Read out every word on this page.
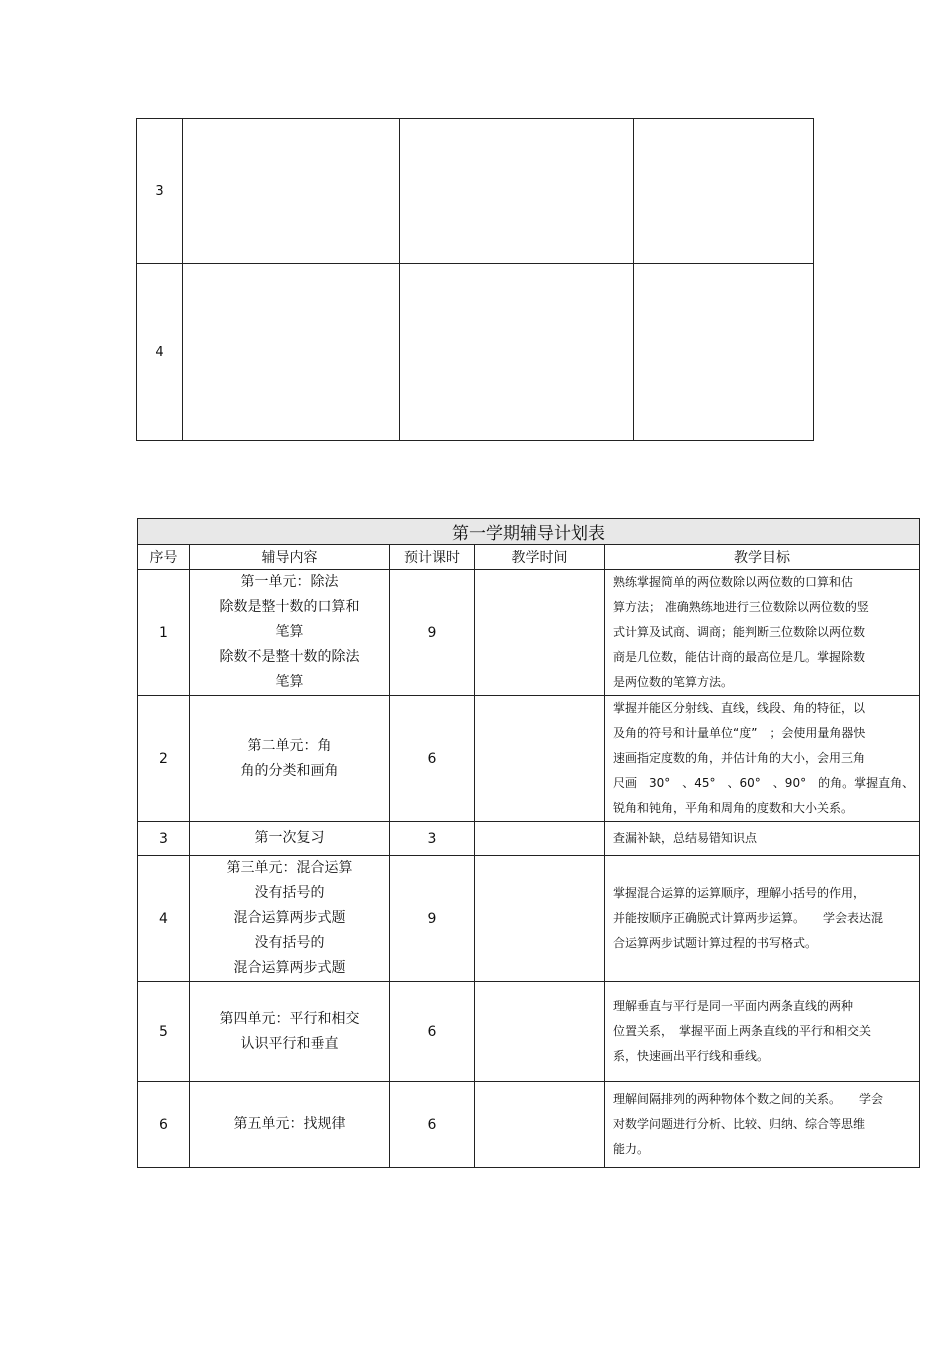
3			
4			
第一学期辅导计划表				
序号	辅导内容	预计课时	教学时间	教学目标
1	第一单元：除法
除数是整十数的口算和
笔算
除数不是整十数的除法
笔算	9		熟练掌握简单的两位数除以两位数的口算和估
算方法； 准确熟练地进行三位数除以两位数的竖
式计算及试商、调商；能判断三位数除以两位数
商是几位数，能估计商的最高位是几。掌握除数
是两位数的笔算方法。

2	第二单元：角
角的分类和画角	6		掌握并能区分射线、直线，线段、角的特征，以
及角的符号和计量单位“度”　；会使用量角器快
速画指定度数的角，并估计角的大小，会用三角
尺画　30°　、45°　、60°　、90°　的角。掌握直角、
锐角和钝角，平角和周角的度数和大小关系。

3	第一次复习	3		查漏补缺，总结易错知识点

4	第三单元：混合运算
没有括号的
混合运算两步式题
没有括号的
混合运算两步式题	9		掌握混合运算的运算顺序，理解小括号的作用，
并能按顺序正确脱式计算两步运算。　　学会表达混
合运算两步试题计算过程的书写格式。

5	第四单元：平行和相交
认识平行和垂直	6		理解垂直与平行是同一平面内两条直线的两种
位置关系，　掌握平面上两条直线的平行和相交关
系，快速画出平行线和垂线。

6	第五单元：找规律	6		理解间隔排列的两种物体个数之间的关系。　　学会
对数学问题进行分析、比较、归纳、综合等思维
能力。
